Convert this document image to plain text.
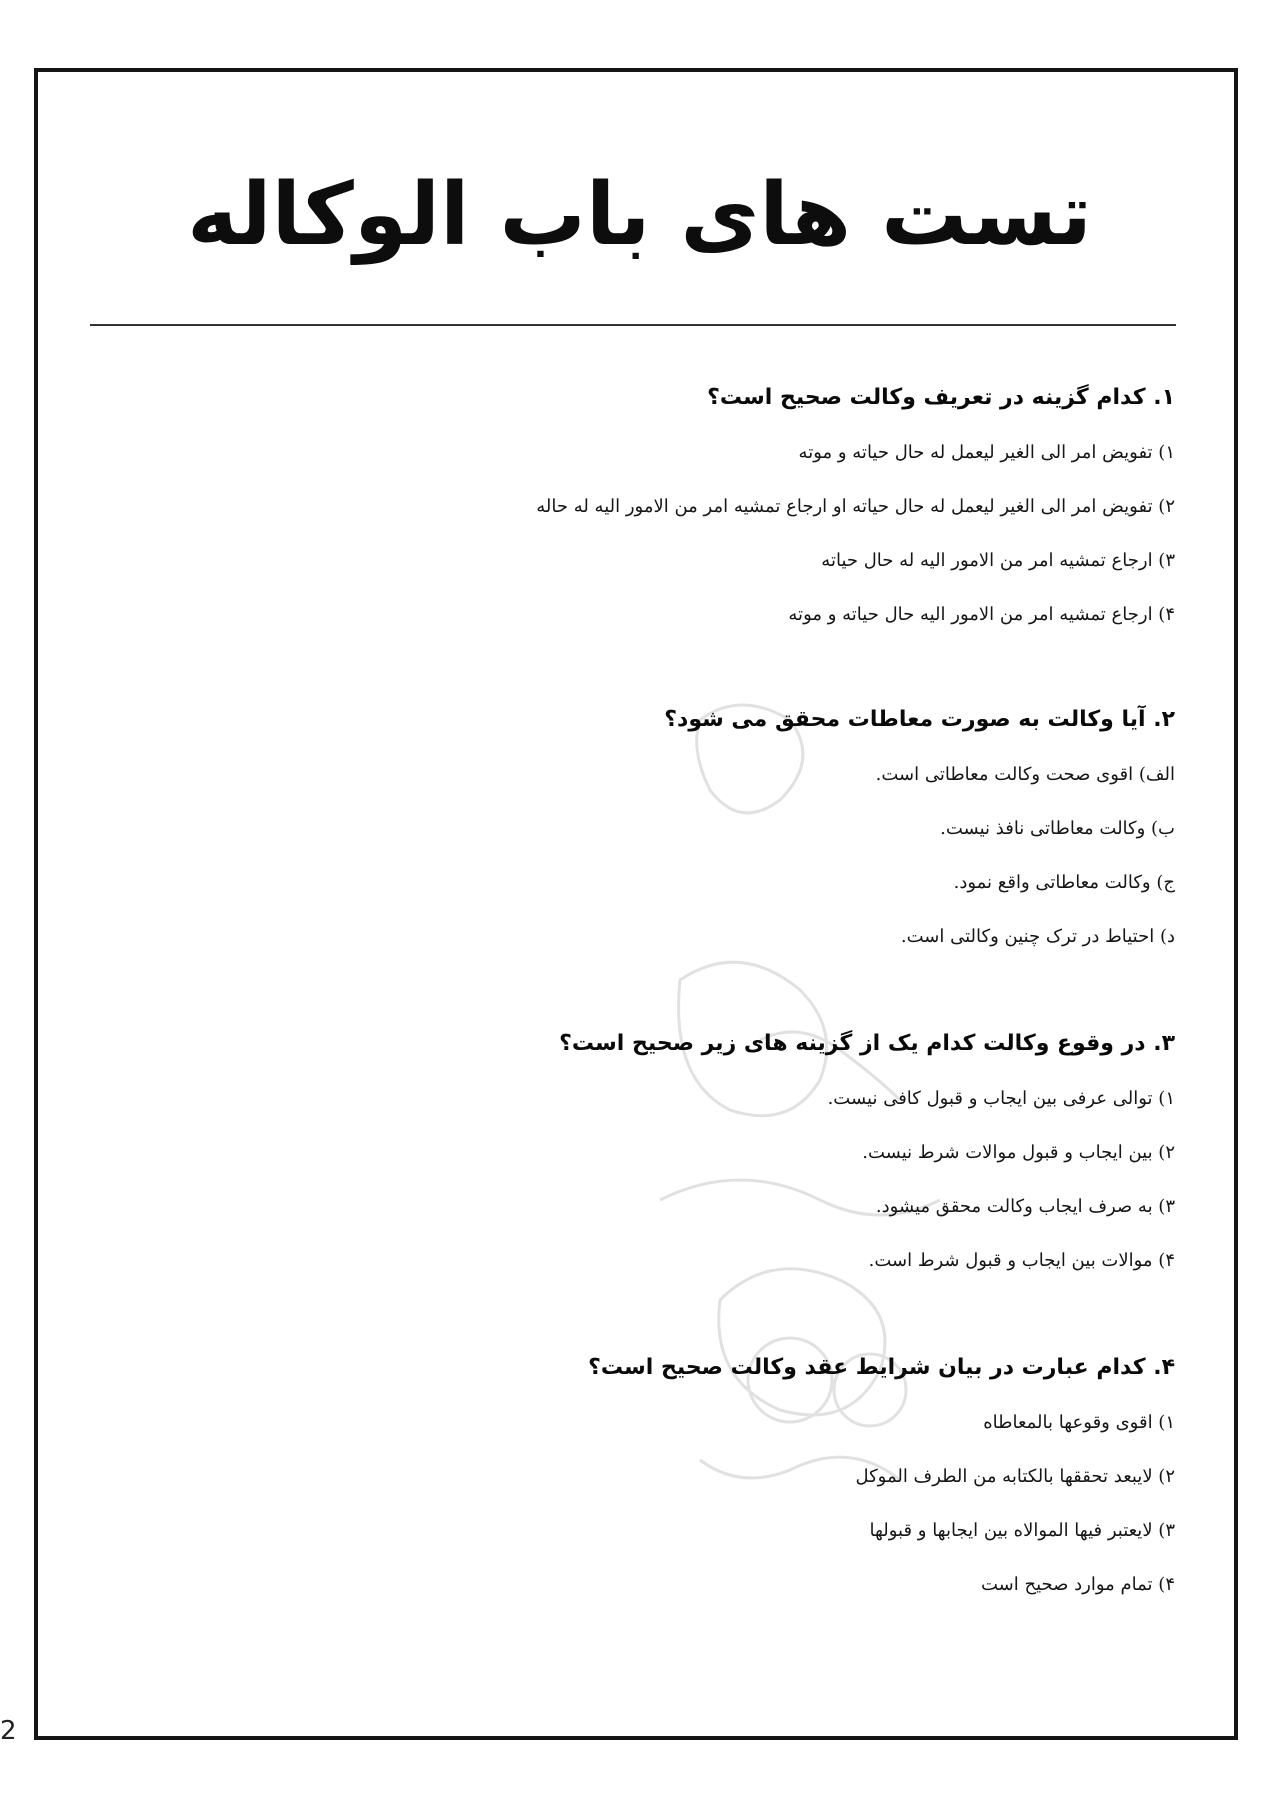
2
تست های باب الوکاله
۱. کدام گزینه در تعریف وکالت صحیح است؟
۱) تفویض امر الی الغیر لیعمل له حال حیاته و موته
۲) تفویض امر الی الغیر لیعمل له حال حیاته او ارجاع تمشیه امر من الامور الیه له حاله
۳) ارجاع تمشیه امر من الامور الیه له حال حیاته
۴) ارجاع تمشیه امر من الامور الیه حال حیاته و موته
۲. آیا وکالت به صورت معاطات محقق می شود؟
الف) اقوی صحت وکالت معاطاتی است.
ب) وکالت معاطاتی نافذ نیست.
ج) وکالت معاطاتی واقع نمود.
د) احتیاط در ترک چنین وکالتی است.
۳. در وقوع وکالت کدام یک از گزینه های زیر صحیح است؟
۱) توالی عرفی بین ایجاب و قبول کافی نیست.
۲) بین ایجاب و قبول موالات شرط نیست.
۳) به صرف ایجاب وکالت محقق میشود.
۴) موالات بین ایجاب و قبول شرط است.
۴. کدام عبارت در بیان شرایط عقد وکالت صحیح است؟
۱) اقوی وقوعها بالمعاطاه
۲) لایبعد تحققها بالکتابه من الطرف الموکل
۳) لایعتبر فیها الموالاه بین ایجابها و قبولها
۴) تمام موارد صحیح است
